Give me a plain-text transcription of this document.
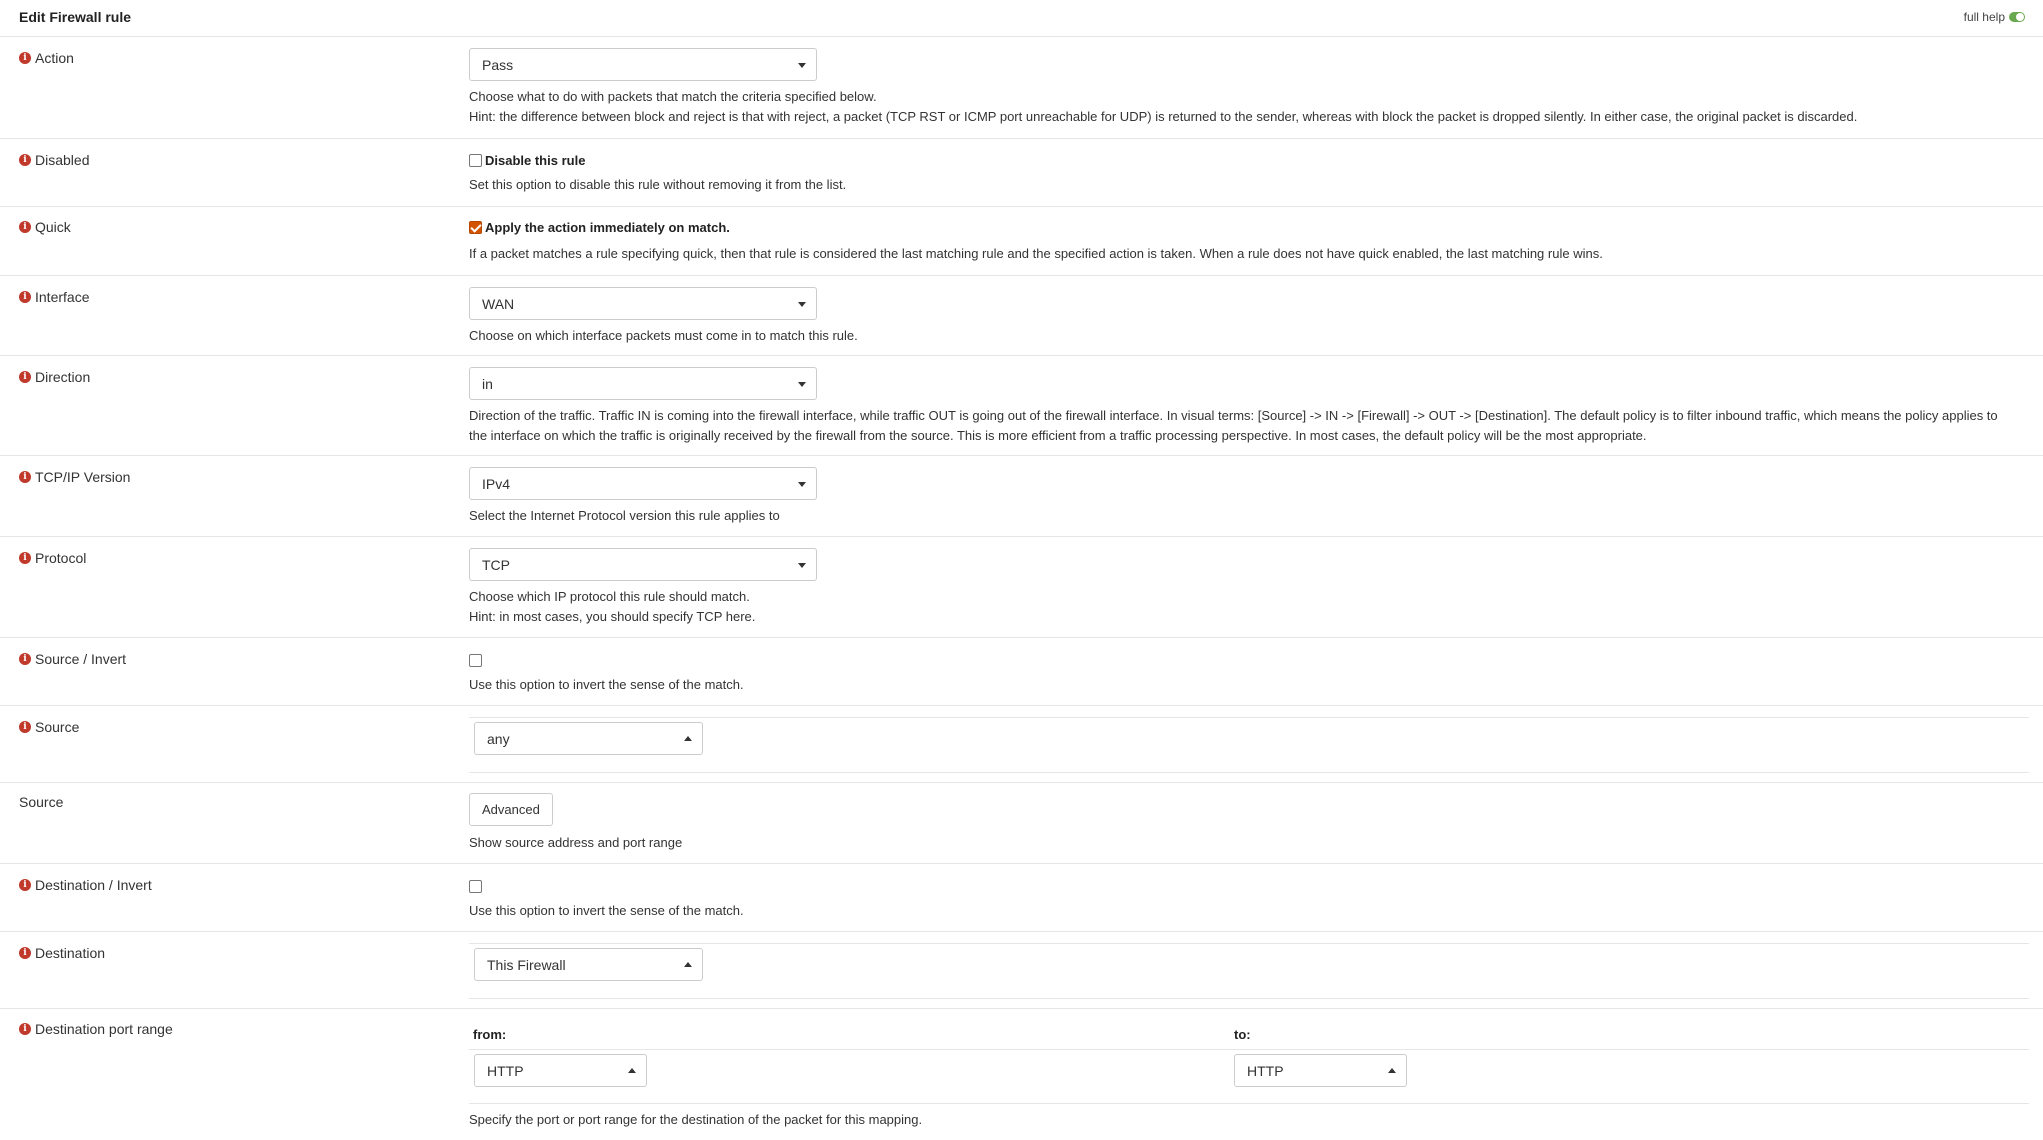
Edit Firewall rule	full help
i Action	Pass
Choose what to do with packets that match the criteria specified below.
Hint: the difference between block and reject is that with reject, a packet (TCP RST or ICMP port unreachable for UDP) is returned to the sender, whereas with block the packet is dropped silently. In either case, the original packet is discarded.
i Disabled	Disable this rule
Set this option to disable this rule without removing it from the list.
i Quick	Apply the action immediately on match.
If a packet matches a rule specifying quick, then that rule is considered the last matching rule and the specified action is taken. When a rule does not have quick enabled, the last matching rule wins.
i Interface	WAN
Choose on which interface packets must come in to match this rule.
i Direction	in
Direction of the traffic. Traffic IN is coming into the firewall interface, while traffic OUT is going out of the firewall interface. In visual terms: [Source] -> IN -> [Firewall] -> OUT -> [Destination]. The default policy is to filter inbound traffic, which means the policy applies to
the interface on which the traffic is originally received by the firewall from the source. This is more efficient from a traffic processing perspective. In most cases, the default policy will be the most appropriate.
i TCP/IP Version	IPv4
Select the Internet Protocol version this rule applies to
i Protocol	TCP
Choose which IP protocol this rule should match.
Hint: in most cases, you should specify TCP here.
i Source / Invert
Use this option to invert the sense of the match.
i Source
any
Source	Advanced
Show source address and port range
i Destination / Invert
Use this option to invert the sense of the match.
i Destination
This Firewall
i Destination port range	from:	to:
HTTP	HTTP
Specify the port or port range for the destination of the packet for this mapping.
